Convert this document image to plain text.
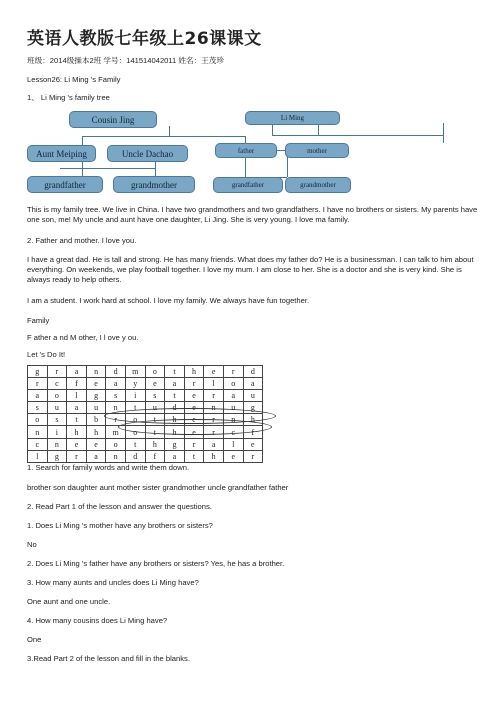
英语人教版七年级上26课课文
班级：2014级操本2班 学号：141514042011 姓名：王茂珍
Lesson26: Li Ming 's Family
1、 Li Ming 's family tree
Cousin Jing
Aunt Meiping	Uncle Dachao
grandfather	grandmother
Li Ming
father	mother
grandfather	grandmother
This is my family tree. We live in China. I have two grandmothers and two grandfathers. I have no brothers or sisters. My parents have one son, me! My uncle and aunt have one daughter, Li Jing. She is very young. I love ma family.
2. Father and mother. I love you.
I have a great dad. He is tall and strong. He has many friends. What does my father do? He is a businessman. I can talk to him about everything. On weekends, we play football together. I love my mum. I am close to her. She is a doctor and she is very kind. She is always ready to help others.
I am a student. I work hard at school. I love my family. We always have fun together.
Family
F ather a nd M other, I l ove y ou.
Let 's Do It!
g	r	a	n	d	m	o	t	h	e	r	d
r	c	f	e	a	y	e	a	r	l	o	a
a	o	l	g	s	i	s	t	e	r	a	u
s	u	a	u	n	t	u	d	e	n	u	g
o	s	t	b	r	o	t	h	e	r	n	h
n	i	h	h	m	o	t	h	e	r	c	f
c	n	e	e	o	t	h	g	r	a	l	e
l	g	r	a	n	d	f	a	t	h	e	r
1. Search for family words and write them down.
brother son daughter aunt mother sister grandmother uncle grandfather father
2. Read Part 1 of the lesson and answer the questions.
1. Does Li Ming 's mother have any brothers or sisters?
No
2. Does Li Ming 's father have any brothers or sisters? Yes, he has a brother.
3. How many aunts and uncles does Li Ming have?
One aunt and one uncle.
4. How many cousins does Li Ming have?
One
3.Read Part 2 of the lesson and fill in the blanks.
